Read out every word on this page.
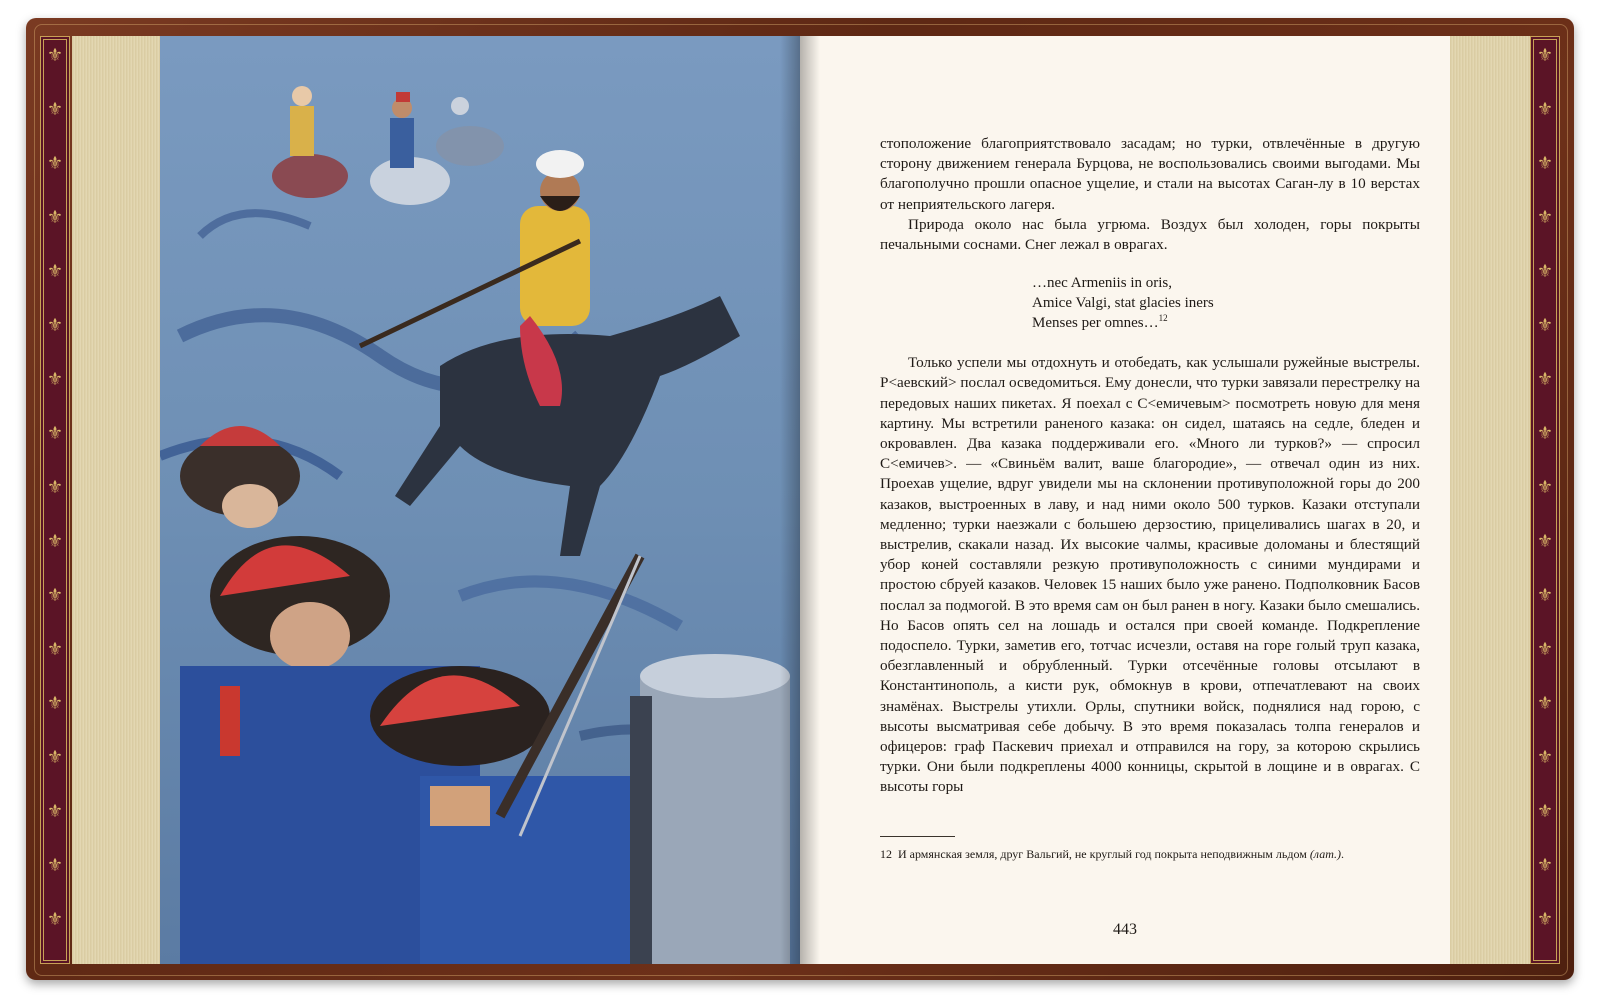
⚜
⚜
⚜
⚜
⚜
⚜
⚜
⚜
⚜
⚜
⚜
⚜
⚜
⚜
⚜
⚜
⚜
⚜
⚜
⚜
⚜
⚜
⚜
⚜
⚜
⚜
⚜
⚜
⚜
⚜
⚜
⚜
⚜
⚜

стоположение благоприятствовало засадам; но турки, отвлечённые в другую сторону движением генерала Бурцова, не воспользовались своими выгодами. Мы благополучно прошли опасное ущелие, и стали на высотах Саган-лу в 10 верстах от неприятельского лагеря.

Природа около нас была угрюма. Воздух был холоден, горы покрыты печальными соснами. Снег лежал в оврагах.

…nec Armeniis in oris,
Amice Valgi, stat glacies iners
Menses per omnes…$^{12}$

Только успели мы отдохнуть и отобедать, как услышали ружейные выстрелы. Р<аевский> послал осведомиться. Ему донесли, что турки завязали перестрелку на передовых наших пикетах. Я поехал с С<емичевым> посмотреть новую для меня картину. Мы встретили раненого казака: он сидел, шатаясь на седле, бледен и окровавлен. Два казака поддерживали его. «Много ли турков?» — спросил С<емичев>. — «Свиньём валит, ваше благородие», — отвечал один из них. Проехав ущелие, вдруг увидели мы на склонении противуположной горы до 200 казаков, выстроенных в лаву, и над ними около 500 турков. Казаки отступали медленно; турки наезжали с большею дерзостию, прицеливались шагах в 20, и выстрелив, скакали назад. Их высокие чалмы, красивые доломаны и блестящий убор коней составляли резкую противуположность с синими мундирами и простою сбруей казаков. Человек 15 наших было уже ранено. Подполковник Басов послал за подмогой. В это время сам он был ранен в ногу. Казаки было смешались. Но Басов опять сел на лошадь и остался при своей команде. Подкрепление подоспело. Турки, заметив его, тотчас исчезли, оставя на горе голый труп казака, обезглавленный и обрубленный. Турки отсечённые головы отсылают в Константинополь, а кисти рук, обмокнув в крови, отпечатлевают на своих знамёнах. Выстрелы утихли. Орлы, спутники войск, поднялися над горою, с высоты высматривая себе добычу. В это время показалась толпа генералов и офицеров: граф Паскевич приехал и отправился на гору, за которою скрылись турки. Они были подкреплены 4000 конницы, скрытой в лощине и в оврагах. С высоты горы

12 И армянская земля, друг Вальгий, не круглый год покрыта неподвижным льдом (лат.).
443
